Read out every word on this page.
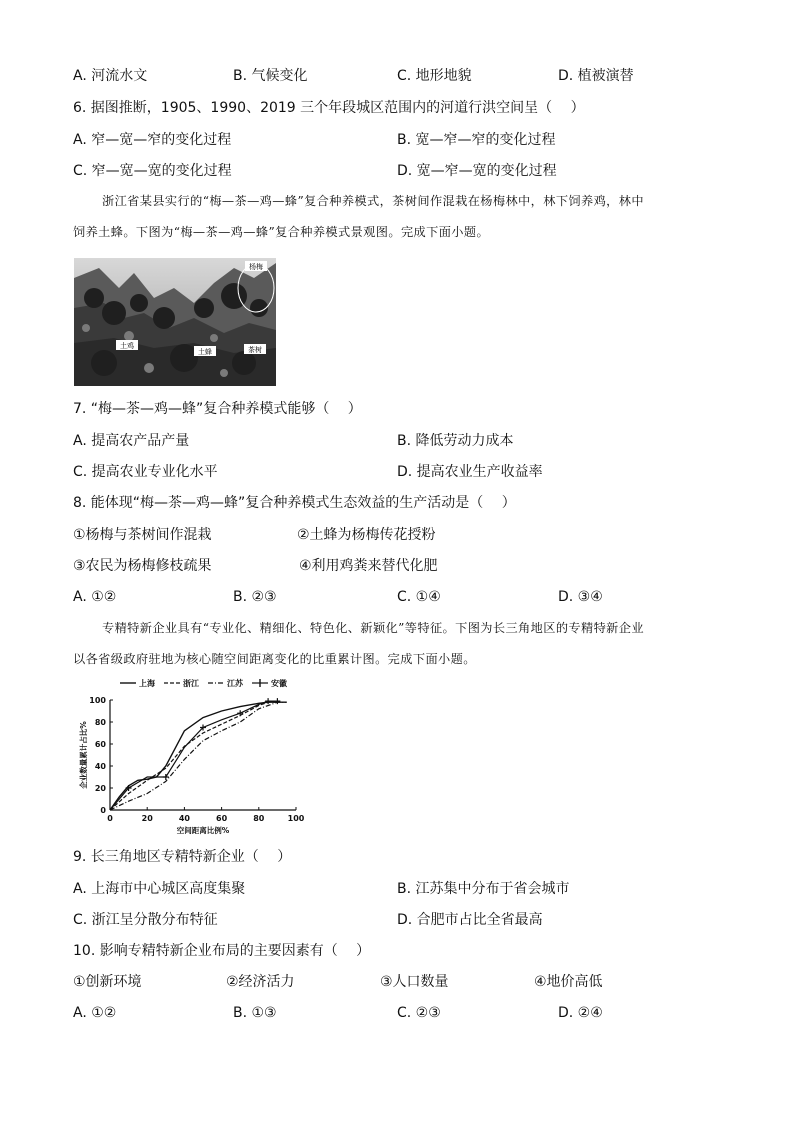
A. 河流水文	B. 气候变化	C. 地形地貌	D. 植被演替
6. 据图推断，1905、1990、2019 三个年段城区范围内的河道行洪空间呈（　 ）
A. 窄—宽—窄的变化过程	B. 宽—窄—窄的变化过程
C. 窄—宽—宽的变化过程	D. 宽—窄—宽的变化过程
浙江省某县实行的“梅—茶—鸡—蜂”复合种养模式，茶树间作混栽在杨梅林中，林下饲养鸡，林中
饲养土蜂。下图为“梅—茶—鸡—蜂”复合种养模式景观图。完成下面小题。
杨梅
土鸡
土蜂	茶树
7. “梅—茶—鸡—蜂”复合种养模式能够（　 ）
A. 提高农产品产量	B. 降低劳动力成本
C. 提高农业专业化水平	D. 提高农业生产收益率
8. 能体现“梅—茶—鸡—蜂”复合种养模式生态效益的生产活动是（　 ）
①杨梅与茶树间作混栽	②土蜂为杨梅传花授粉
③农民为杨梅修枝疏果	④利用鸡粪来替代化肥
A. ①②	B. ②③	C. ①④	D. ③④
专精特新企业具有“专业化、精细化、特色化、新颖化”等特征。下图为长三角地区的专精特新企业
以各省级政府驻地为核心随空间距离变化的比重累计图。完成下面小题。
0	20	40	60	80	100
0
20
40
60
80
100
空间距离比例%
企业数量累计占比%
上海	浙江	江苏	安徽
9. 长三角地区专精特新企业（　 ）
A. 上海市中心城区高度集聚	B. 江苏集中分布于省会城市
C. 浙江呈分散分布特征	D. 合肥市占比全省最高
10. 影响专精特新企业布局的主要因素有（　 ）
①创新环境	②经济活力	③人口数量	④地价高低
A. ①②	B. ①③	C. ②③	D. ②④
